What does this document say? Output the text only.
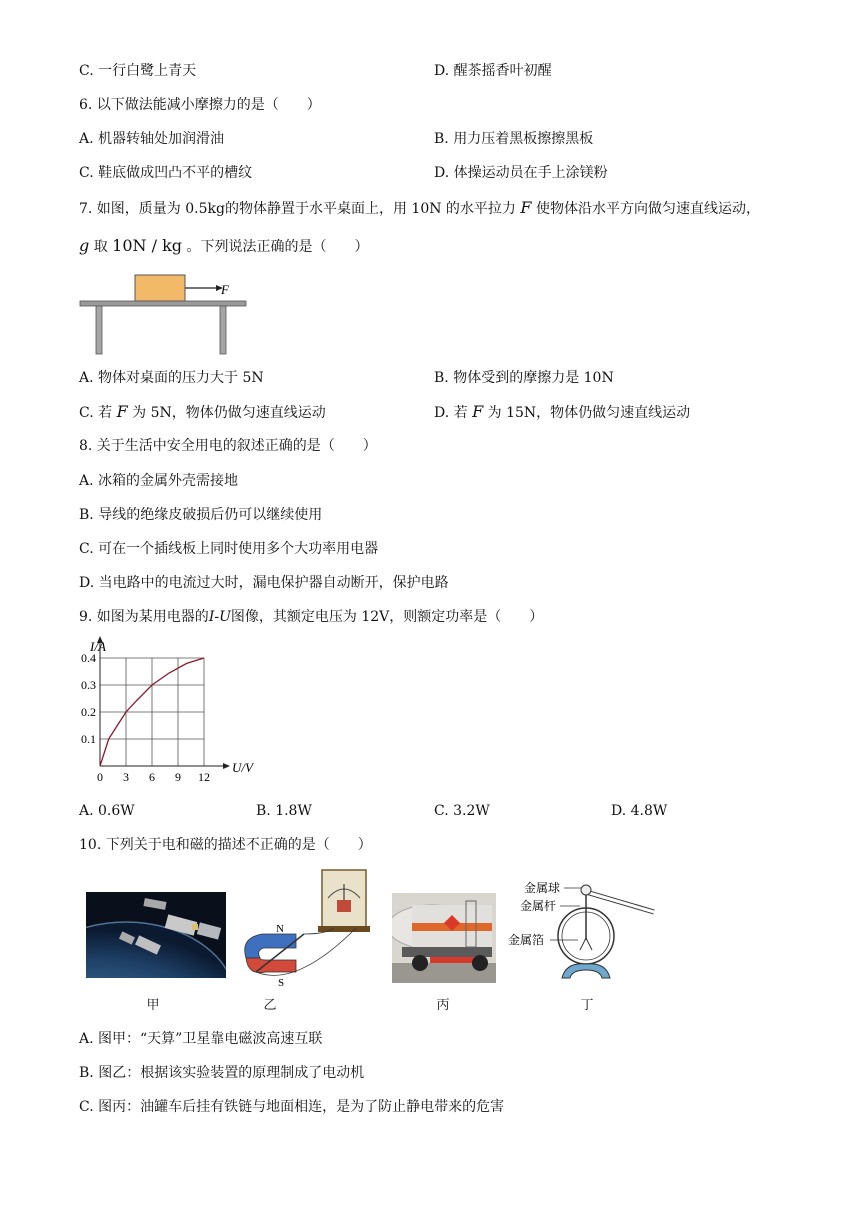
C. 一行白鹭上青天	D. 醒茶摇香叶初醒
6. 以下做法能减小摩擦力的是（　　）
A. 机器转轴处加润滑油	B. 用力压着黑板擦擦黑板
C. 鞋底做成凹凸不平的槽纹	D. 体操运动员在手上涂镁粉
7. 如图，质量为 0.5kg的物体静置于水平桌面上，用 10N 的水平拉力 F 使物体沿水平方向做匀速直线运动，
g 取 10N / kg 。下列说法正确的是（　　）
F
A. 物体对桌面的压力大于 5N	B. 物体受到的摩擦力是 10N
C. 若 F 为 5N，物体仍做匀速直线运动	D. 若 F 为 15N，物体仍做匀速直线运动
8. 关于生活中安全用电的叙述正确的是（　　）
A. 冰箱的金属外壳需接地
B. 导线的绝缘皮破损后仍可以继续使用
C. 可在一个插线板上同时使用多个大功率用电器
D. 当电路中的电流过大时，漏电保护器自动断开，保护电路
9. 如图为某用电器的I-U图像，其额定电压为 12V，则额定功率是（　　）
0 3 6 9 12
0.1
0.2
0.3
0.4
I/A
U/V
A. 0.6W	B. 1.8W	C. 3.2W	D. 4.8W
10. 下列关于电和磁的描述不正确的是（　　）
甲
N
S
乙	丙
金属球
金属杆
金属箔
丁
A. 图甲：“天算”卫星靠电磁波高速互联
B. 图乙：根据该实验装置的原理制成了电动机
C. 图丙：油罐车后挂有铁链与地面相连，是为了防止静电带来的危害
